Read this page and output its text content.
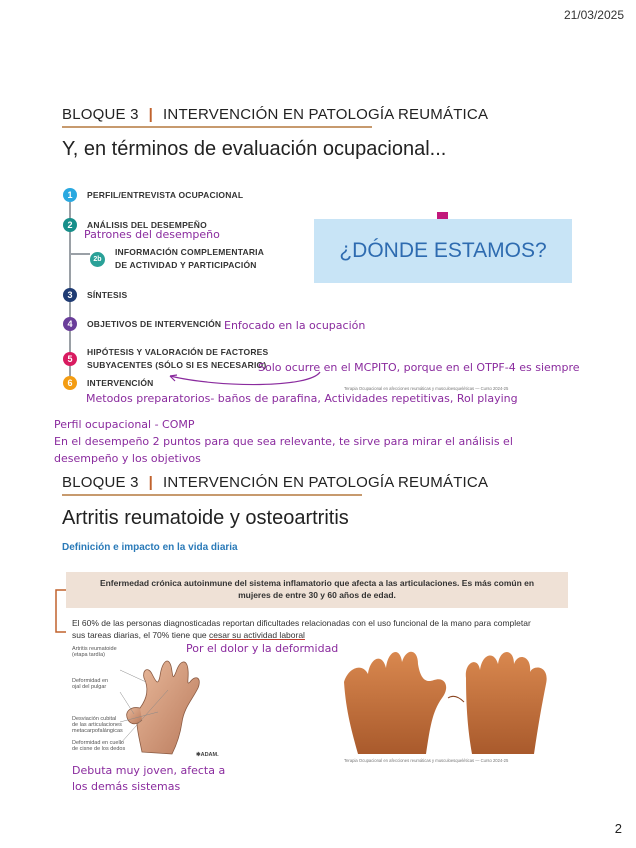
21/03/2025
2
BLOQUE 3 | INTERVENCIÓN EN PATOLOGÍA REUMÁTICA
Y, en términos de evaluación ocupacional...
1	PERFIL/ENTREVISTA OCUPACIONAL
2	ANÁLISIS DEL DESEMPEÑO
2b
INFORMACIÓN COMPLEMENTARIA
DE ACTIVIDAD Y PARTICIPACIÓN
3	SÍNTESIS
4	OBJETIVOS DE INTERVENCIÓN
5
HIPÓTESIS Y VALORACIÓN DE FACTORES
SUBYACENTES (SÓLO SI ES NECESARIO)
6	INTERVENCIÓN
¿DÓNDE ESTAMOS?
Terapia Ocupacional en afecciones reumáticas y musculoesqueléticas — Curso 2024-25
Patrones del desempeño
Enfocado en la ocupación
Solo ocurre en el MCPITO, porque en el OTPF-4 es siempre
Metodos preparatorios- baños de parafina, Actividades repetitivas, Rol playing
Perfil ocupacional - COMP
En el desempeño 2 puntos para que sea relevante, te sirve para mirar el análisis el
desempeño y los objetivos
BLOQUE 3 | INTERVENCIÓN EN PATOLOGÍA REUMÁTICA
Artritis reumatoide y osteoartritis
Definición e impacto en la vida diaria
Enfermedad crónica autoinmune del sistema inflamatorio que afecta a las articulaciones. Es más común en
mujeres de entre 30 y 60 años de edad.
El 60% de las personas diagnosticadas reportan dificultades relacionadas con el uso funcional de la mano para completar
sus tareas diarias, el 70% tiene que cesar su actividad laboral
Por el dolor y la deformidad
Artritis reumatoide
(etapa tardía)
Deformidad en
ojal del pulgar
Desviación cubital
de las articulaciones
metacarpofalángicas
Deformidad en cuello
de cisne de los dedos
✱ADAM.
Terapia Ocupacional en afecciones reumáticas y musculoesqueléticas — Curso 2024-25
Debuta muy joven, afecta a
los demás sistemas
